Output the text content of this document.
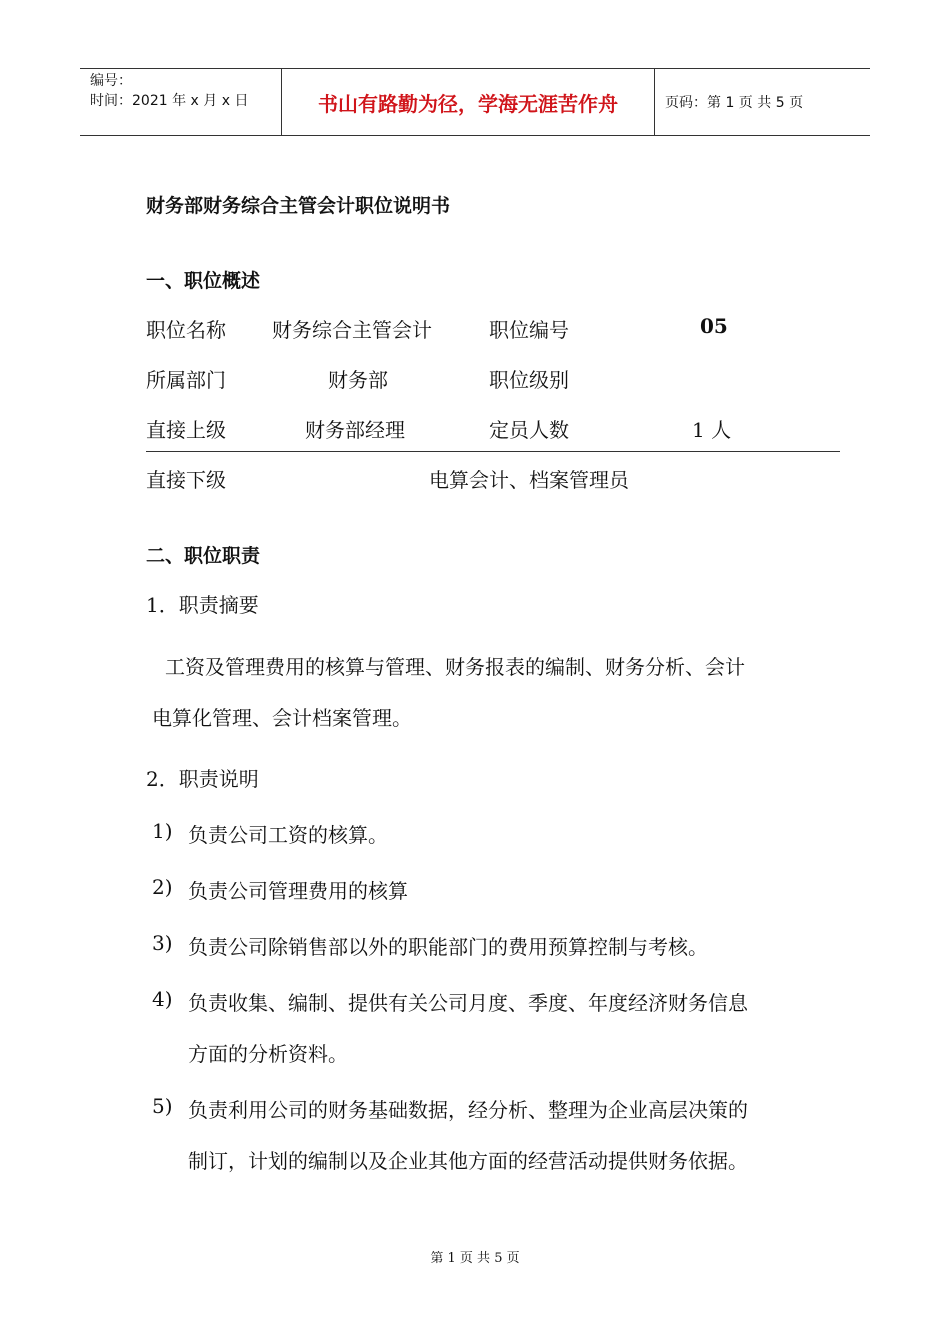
编号：
时间：2021 年 x 月 x 日	书山有路勤为径，学海无涯苦作舟	页码：第 1 页 共 5 页
财务部财务综合主管会计职位说明书
一、职位概述
职位名称 财务综合主管会计	职位编号	05
所属部门	财务部	职位级别
直接上级	财务部经理	定员人数	1 人
直接下级	电算会计、档案管理员
二、职位职责
1．职责摘要
工资及管理费用的核算与管理、财务报表的编制、财务分析、会计
电算化管理、会计档案管理。
2．职责说明
1) 负责公司工资的核算。
2) 负责公司管理费用的核算
3) 负责公司除销售部以外的职能部门的费用预算控制与考核。
4) 负责收集、编制、提供有关公司月度、季度、年度经济财务信息
方面的分析资料。
5) 负责利用公司的财务基础数据，经分析、整理为企业高层决策的
制订，计划的编制以及企业其他方面的经营活动提供财务依据。
第 1 页 共 5 页
